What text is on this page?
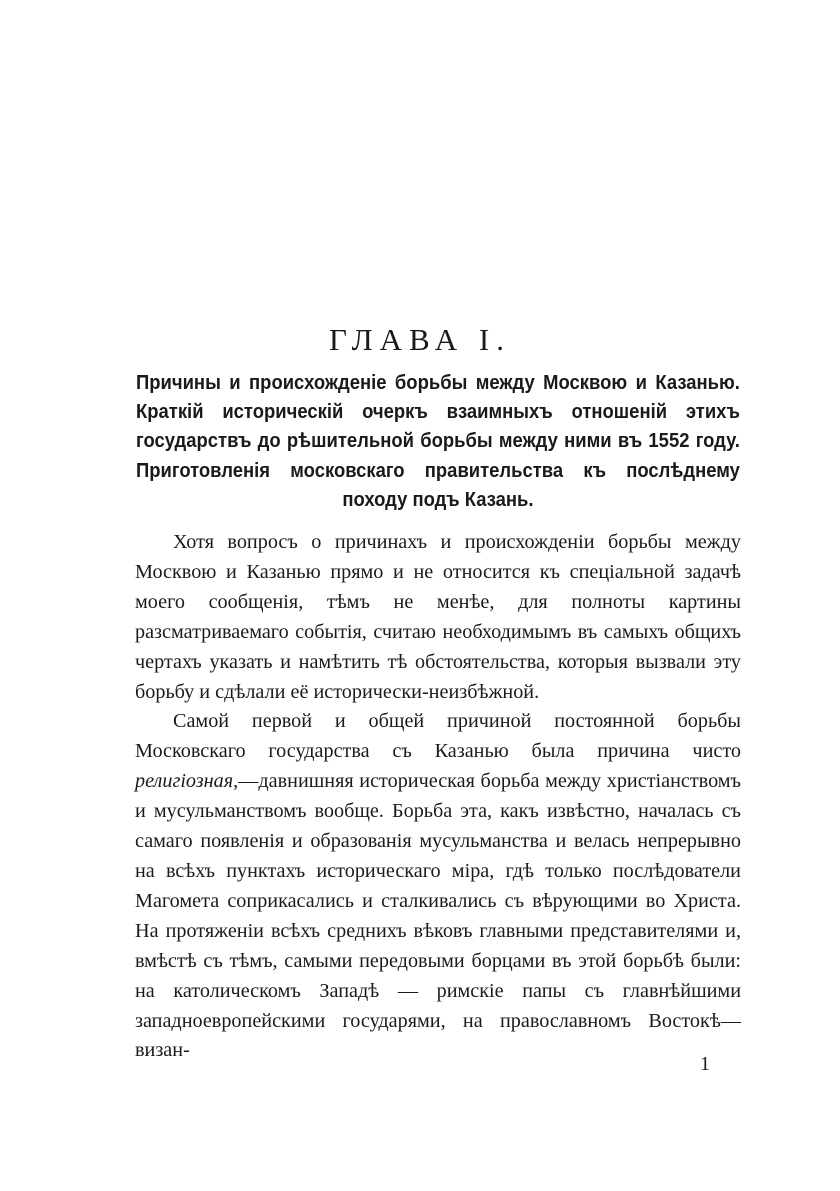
ГЛАВА I.

Причины и происхожденіе борьбы между Москвою и Казанью. Краткій историческій очеркъ взаимныхъ отношеній этихъ государствъ до рѣшительной борьбы между ними въ 1552 году. Приготовленія московскаго правительства къ послѣднему походу подъ Казань.

Хотя вопросъ о причинахъ и происхожденіи борьбы между Москвою и Казанью прямо и не относится къ спеціальной задачѣ моего сообщенія, тѣмъ не менѣе, для полноты картины разсматриваемаго событія, считаю необходимымъ въ самыхъ общихъ чертахъ указать и намѣтить тѣ обстоятельства, которыя вызвали эту борьбу и сдѣлали её исторически-неизбѣжной.

Самой первой и общей причиной постоянной борьбы Московскаго государства съ Казанью была причина чисто религіозная,—давнишняя историческая борьба между христіанствомъ и мусульманствомъ вообще. Борьба эта, какъ извѣстно, началась съ самаго появленія и образованія мусульманства и велась непрерывно на всѣхъ пунктахъ историческаго міра, гдѣ только послѣдователи Магомета соприкасались и сталкивались съ вѣрующими во Христа. На протяженіи всѣхъ среднихъ вѣковъ главными представителями и, вмѣстѣ съ тѣмъ, самыми передовыми борцами въ этой борьбѣ были: на католическомъ Западѣ — римскіе папы съ главнѣйшими западноевропейскими государями, на православномъ Востокѣ—визан-

1
